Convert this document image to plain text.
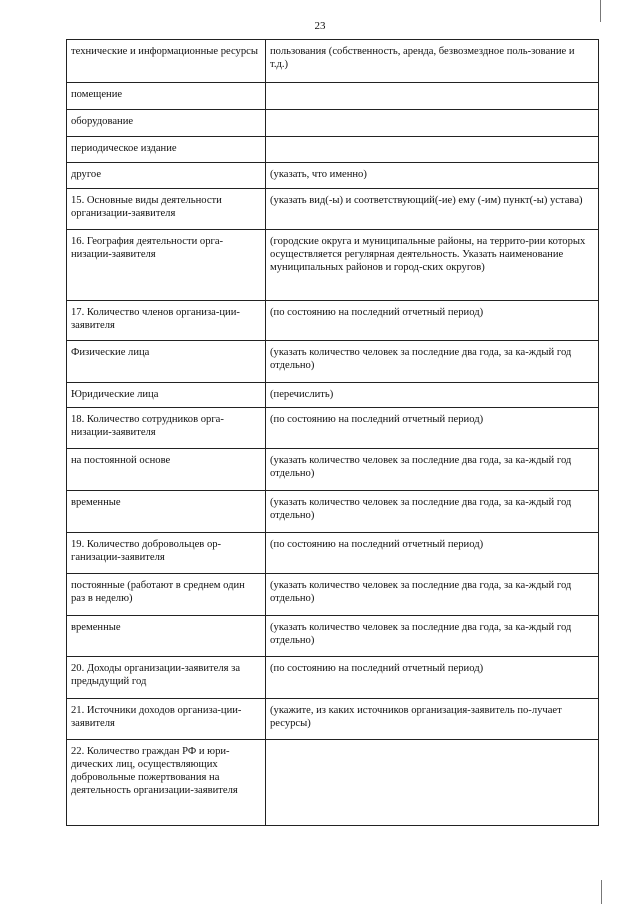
23
технические и информационные ресурсы	пользования (собственность, аренда, безвозмездное поль-зование и т.д.)
помещение	
оборудование	
периодическое издание	
другое	(указать, что именно)
15. Основные виды деятельности организации-заявителя	(указать вид(-ы) и соответствующий(-ие) ему (-им) пункт(-ы) устава)
16. География деятельности орга-низации-заявителя	(городские округа и муниципальные районы, на террито-рии которых осуществляется регулярная деятельность. Указать наименование муниципальных районов и город-ских округов)
17. Количество членов организа-ции-заявителя	(по состоянию на последний отчетный период)
Физические лица	(указать количество человек за последние два года, за ка-ждый год отдельно)
Юридические лица	(перечислить)
18. Количество сотрудников орга-низации-заявителя	(по состоянию на последний отчетный период)
на постоянной основе	(указать количество человек за последние два года, за ка-ждый год отдельно)
временные	(указать количество человек за последние два года, за ка-ждый год отдельно)
19. Количество добровольцев ор-ганизации-заявителя	(по состоянию на последний отчетный период)
постоянные (работают в среднем один раз в неделю)	(указать количество человек за последние два года, за ка-ждый год отдельно)
временные	(указать количество человек за последние два года, за ка-ждый год отдельно)
20. Доходы организации-заявителя за предыдущий год	(по состоянию на последний отчетный период)
21. Источники доходов организа-ции-заявителя	(укажите, из каких источников организация-заявитель по-лучает ресурсы)
22. Количество граждан РФ и юри-дических лиц, осуществляющих добровольные пожертвования на деятельность организации-заявителя	
